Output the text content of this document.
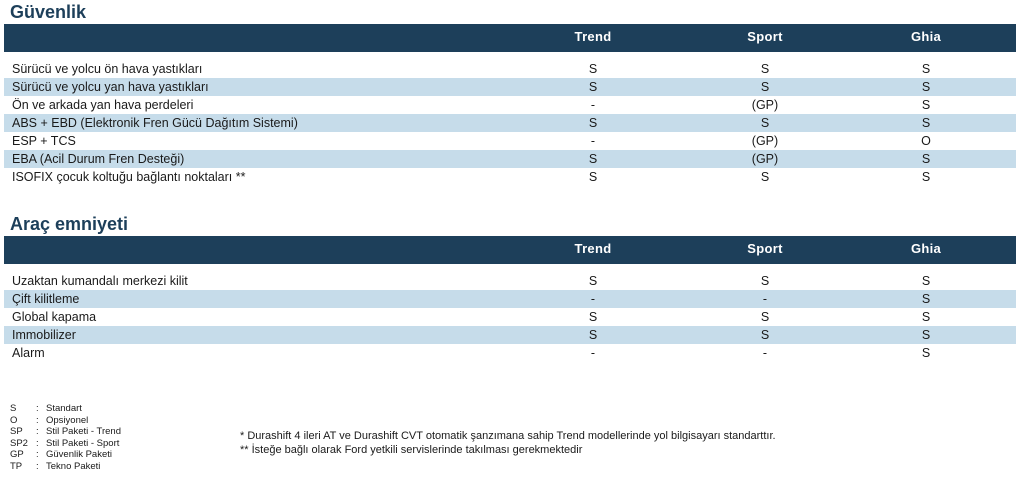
Güvenlik
Trend	Sport	Ghia
Sürücü ve yolcu ön hava yastıkları	S	S	S
Sürücü ve yolcu yan hava yastıkları	S	S	S
Ön ve arkada yan hava perdeleri	-	(GP)	S
ABS + EBD (Elektronik Fren Gücü Dağıtım Sistemi)	S	S	S
ESP + TCS	-	(GP)	O
EBA (Acil Durum Fren Desteği)	S	(GP)	S
ISOFIX çocuk koltuğu bağlantı noktaları **	S	S	S
Araç emniyeti
Trend	Sport	Ghia
Uzaktan kumandalı merkezi kilit	S	S	S
Çift kilitleme	-	-	S
Global kapama	S	S	S
Immobilizer	S	S	S
Alarm	-	-	S
S : Standart
O : Opsiyonel
SP : Stil Paketi - Trend
SP2 : Stil Paketi - Sport
GP : Güvenlik Paketi
TP : Tekno Paketi
* Durashift 4 ileri AT ve Durashift CVT otomatik şanzımana sahip Trend modellerinde yol bilgisayarı standarttır.
** İsteğe bağlı olarak Ford yetkili servislerinde takılması gerekmektedir
